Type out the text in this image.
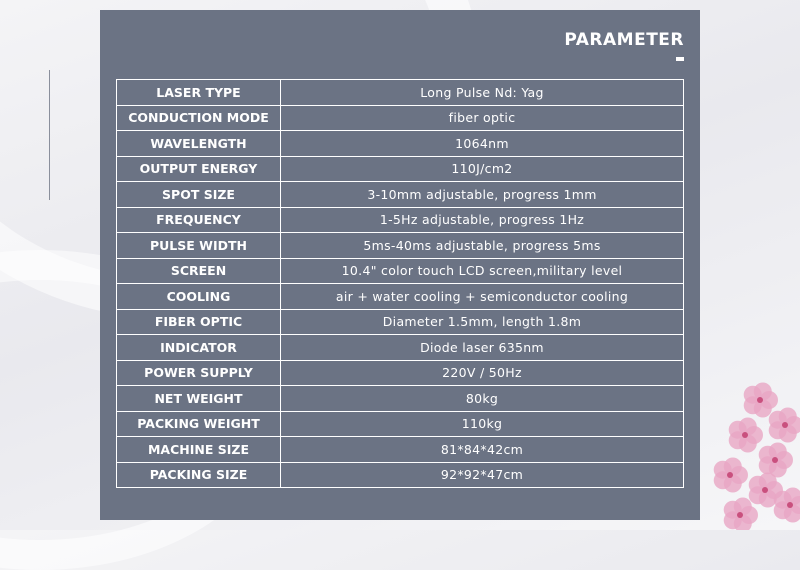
PARAMETER
LASER TYPE	Long Pulse Nd: Yag
CONDUCTION MODE	fiber optic
WAVELENGTH	1064nm
OUTPUT ENERGY	110J/cm2
SPOT SIZE	3-10mm adjustable, progress 1mm
FREQUENCY	1-5Hz adjustable, progress 1Hz
PULSE WIDTH	5ms-40ms adjustable, progress 5ms
SCREEN	10.4" color touch LCD screen,military level
COOLING	air + water cooling + semiconductor cooling
FIBER OPTIC	Diameter 1.5mm, length 1.8m
INDICATOR	Diode laser 635nm
POWER SUPPLY	220V / 50Hz
NET WEIGHT	80kg
PACKING WEIGHT	110kg
MACHINE SIZE	81*84*42cm
PACKING SIZE	92*92*47cm
